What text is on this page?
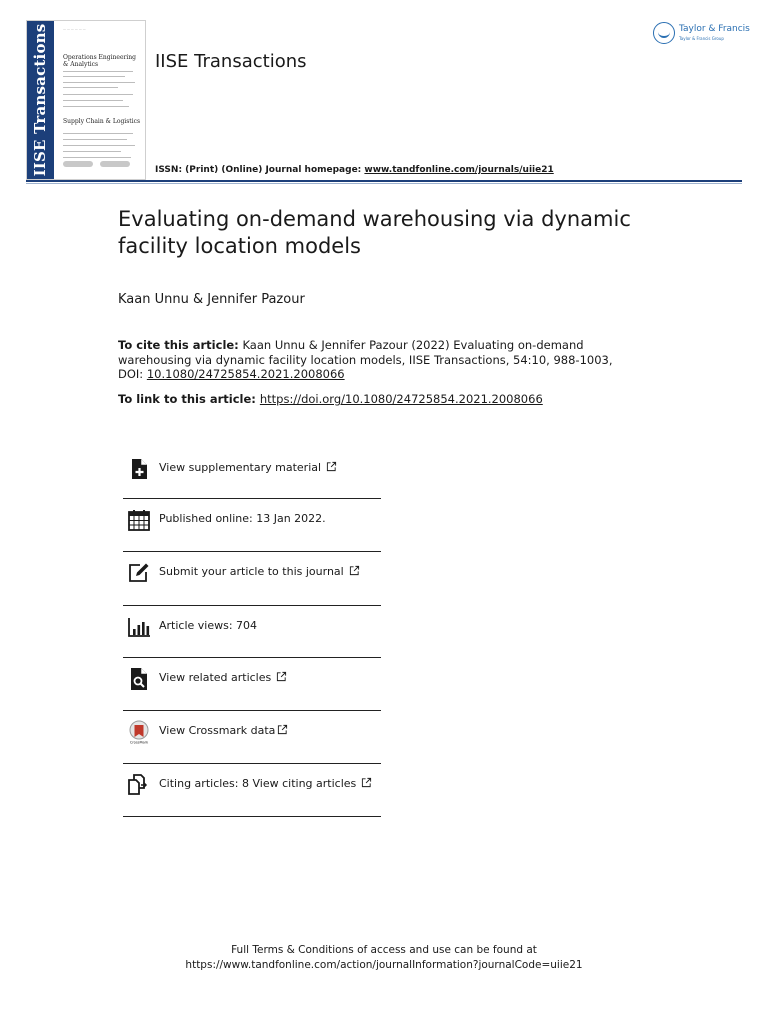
IISE Transactions	— — — — — —
Operations Engineering & Analytics
Supply Chain & Logistics
IISE Transactions
ISSN: (Print) (Online) Journal homepage: www.tandfonline.com/journals/uiie21
Taylor & Francis
Taylor & Francis Group
Evaluating on-demand warehousing via dynamic facility location models
Kaan Unnu & Jennifer Pazour
To cite this article: Kaan Unnu & Jennifer Pazour (2022) Evaluating on-demand warehousing via dynamic facility location models, IISE Transactions, 54:10, 988-1003, DOI: 10.1080/24725854.2021.2008066
To link to this article: https://doi.org/10.1080/24725854.2021.2008066
View supplementary material
Published online: 13 Jan 2022.
Submit your article to this journal
Article views: 704
View related articles
CrossMark
View Crossmark data
Citing articles: 8 View citing articles
Full Terms & Conditions of access and use can be found at
https://www.tandfonline.com/action/journalInformation?journalCode=uiie21
